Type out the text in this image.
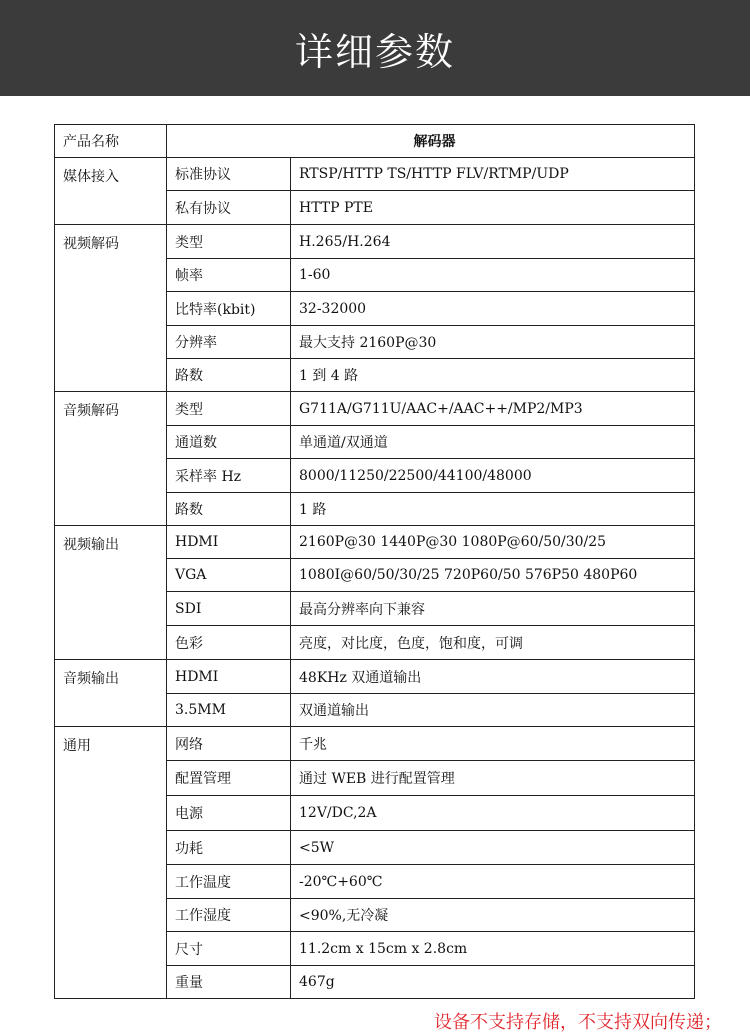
详细参数
产品名称	解码器	
媒体接入	标准协议	RTSP/HTTP TS/HTTP FLV/RTMP/UDP
	私有协议	HTTP PTE
视频解码	类型	H.265/H.264
	帧率	1-60
	比特率(kbit)	32-32000
	分辨率	最大支持 2160P@30
	路数	1 到 4 路
音频解码	类型	G711A/G711U/AAC+/AAC++/MP2/MP3
	通道数	单通道/双通道
	采样率 Hz	8000/11250/22500/44100/48000
	路数	1 路
视频输出	HDMI	2160P@30 1440P@30 1080P@60/50/30/25
	VGA	1080I@60/50/30/25 720P60/50 576P50 480P60
	SDI	最高分辨率向下兼容
	色彩	亮度，对比度，色度，饱和度，可调
音频输出	HDMI	48KHz 双通道输出
	3.5MM	双通道输出
通用	网络	千兆
	配置管理	通过 WEB 进行配置管理
	电源	12V/DC,2A
	功耗	<5W
	工作温度	-20℃+60℃
	工作湿度	<90%,无冷凝
	尺寸	11.2cm x 15cm x 2.8cm
	重量	467g
设备不支持存储，不支持双向传递；
